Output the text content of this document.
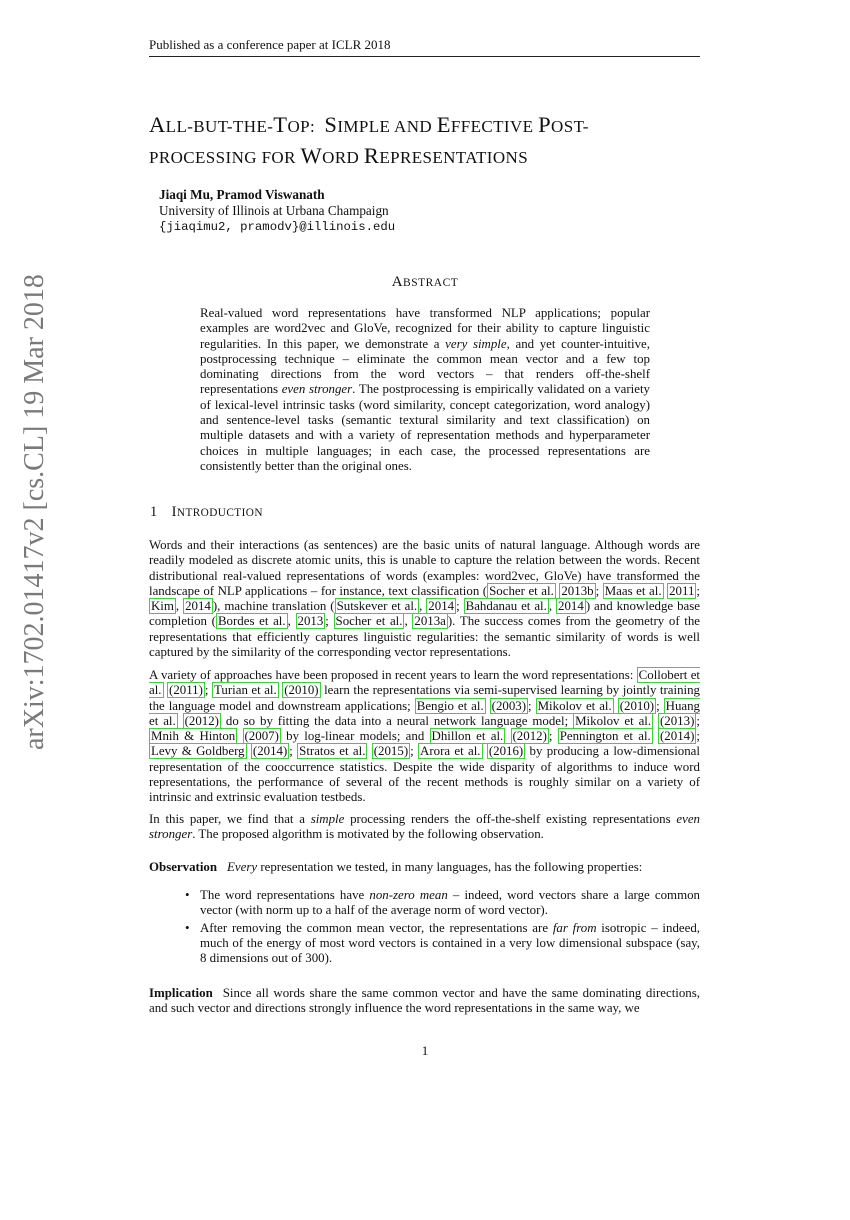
Published as a conference paper at ICLR 2018
arXiv:1702.01417v2 [cs.CL] 19 Mar 2018
ALL-BUT-THE-TOP:  SIMPLE AND EFFECTIVE POST-
PROCESSING FOR WORD REPRESENTATIONS
Jiaqi Mu, Pramod Viswanath
University of Illinois at Urbana Champaign
{jiaqimu2, pramodv}@illinois.edu
ABSTRACT

Real-valued word representations have transformed NLP applications; popular examples are word2vec and GloVe, recognized for their ability to capture linguistic regularities. In this paper, we demonstrate a very simple, and yet counter-intuitive, postprocessing technique – eliminate the common mean vector and a few top dominating directions from the word vectors – that renders off-the-shelf representations even stronger. The postprocessing is empirically validated on a variety of lexical-level intrinsic tasks (word similarity, concept categorization, word analogy) and sentence-level tasks (semantic textural similarity and text classification) on multiple datasets and with a variety of representation methods and hyperparameter choices in multiple languages; in each case, the processed representations are consistently better than the original ones.

1 INTRODUCTION

Words and their interactions (as sentences) are the basic units of natural language. Although words are readily modeled as discrete atomic units, this is unable to capture the relation between the words. Recent distributional real-valued representations of words (examples: word2vec, GloVe) have transformed the landscape of NLP applications – for instance, text classification ( Socher et al. 2013b ; Maas et al. 2011 ; Kim , 2014 ), machine translation ( Sutskever et al. , 2014 ; Bahdanau et al. , 2014 ) and knowledge base completion ( Bordes et al. , 2013 ; Socher et al. , 2013a ). The success comes from the geometry of the representations that efficiently captures linguistic regularities: the semantic similarity of words is well captured by the similarity of the corresponding vector representations.

A variety of approaches have been proposed in recent years to learn the word representations: Collobert et al. (2011) ; Turian et al. (2010) learn the representations via semi-supervised learning by jointly training the language model and downstream applications; Bengio et al. (2003) ; Mikolov et al. (2010) ; Huang et al. (2012) do so by fitting the data into a neural network language model; Mikolov et al. (2013) ; Mnih & Hinton (2007) by log-linear models; and Dhillon et al. (2012) ; Pennington et al. (2014) ; Levy & Goldberg (2014) ; Stratos et al. (2015) ; Arora et al. (2016) by producing a low-dimensional representation of the cooccurrence statistics. Despite the wide disparity of algorithms to induce word representations, the performance of several of the recent methods is roughly similar on a variety of intrinsic and extrinsic evaluation testbeds.

In this paper, we find that a simple processing renders the off-the-shelf existing representations even stronger. The proposed algorithm is motivated by the following observation.

Observation Every representation we tested, in many languages, has the following properties:

• The word representations have non-zero mean – indeed, word vectors share a large common vector (with norm up to a half of the average norm of word vector).
• After removing the common mean vector, the representations are far from isotropic – indeed, much of the energy of most word vectors is contained in a very low dimensional subspace (say, 8 dimensions out of 300).

Implication Since all words share the same common vector and have the same dominating directions, and such vector and directions strongly influence the word representations in the same way, we

1
